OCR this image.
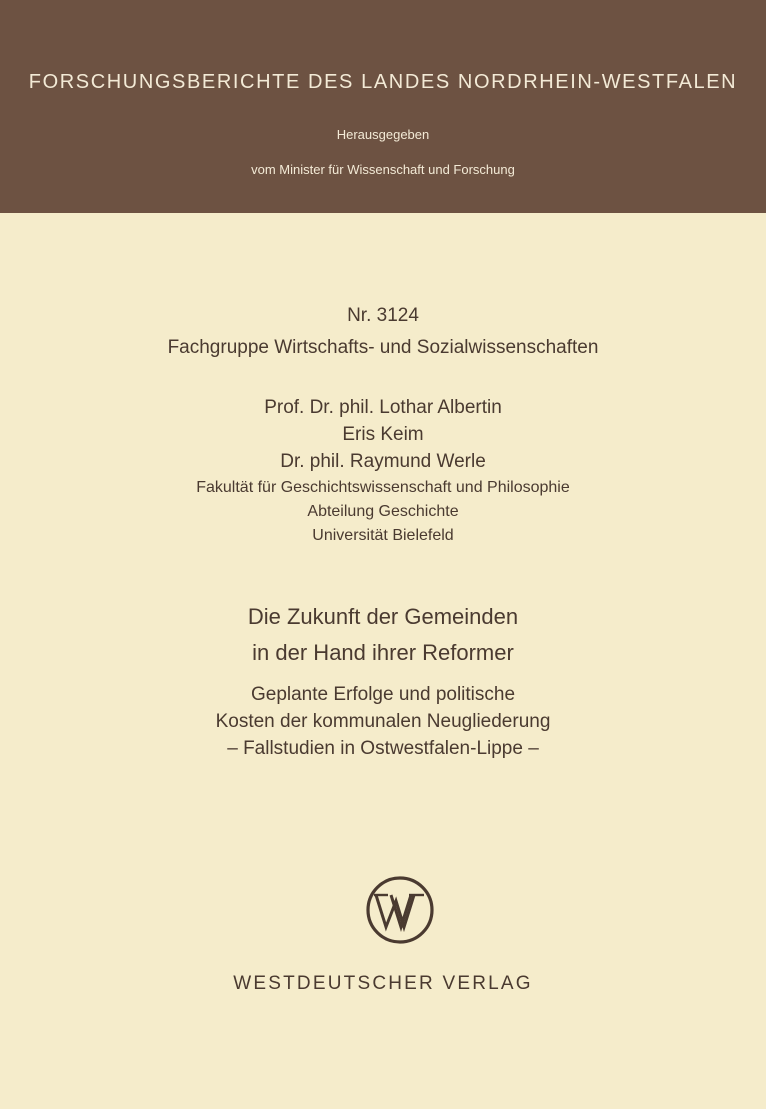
FORSCHUNGSBERICHTE DES LANDES NORDRHEIN-WESTFALEN
Herausgegeben
vom Minister für Wissenschaft und Forschung
Nr. 3124
Fachgruppe Wirtschafts- und Sozialwissenschaften
Prof. Dr. phil. Lothar Albertin
Eris Keim
Dr. phil. Raymund Werle
Fakultät für Geschichtswissenschaft und Philosophie
Abteilung Geschichte
Universität Bielefeld
Die Zukunft der Gemeinden
in der Hand ihrer Reformer
Geplante Erfolge und politische
Kosten der kommunalen Neugliederung
– Fallstudien in Ostwestfalen-Lippe –
WESTDEUTSCHER VERLAG
